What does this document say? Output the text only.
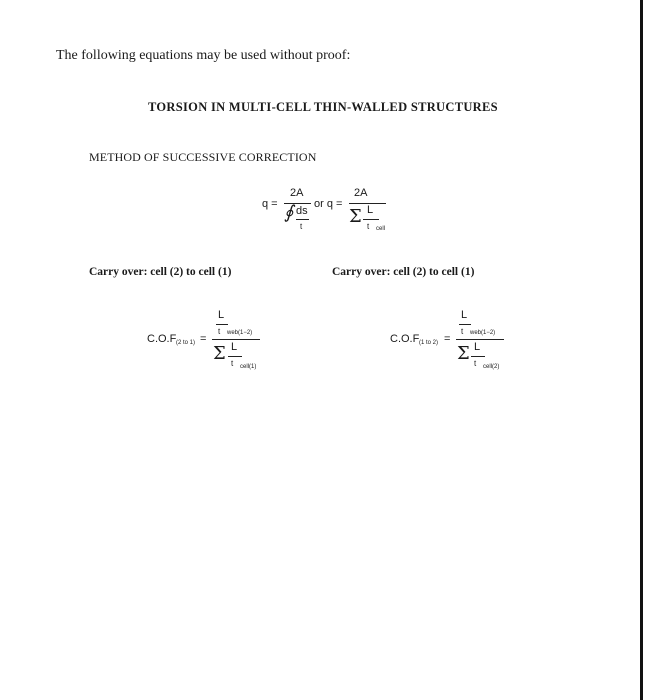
The following equations may be used without proof:
TORSION IN MULTI-CELL THIN-WALLED STRUCTURES
METHOD OF SUCCESSIVE CORRECTION
q =
2A
∮ ds
t
or q =
2A
Σ L
t cell
Carry over: cell (2) to cell (1)	Carry over: cell (2) to cell (1)
C.O.F (2 to 1) =
L
t web(1−2)
Σ L
t cell(1)
C.O.F (1 to 2) =
L
t web(1−2)
Σ L
t cell(2)
